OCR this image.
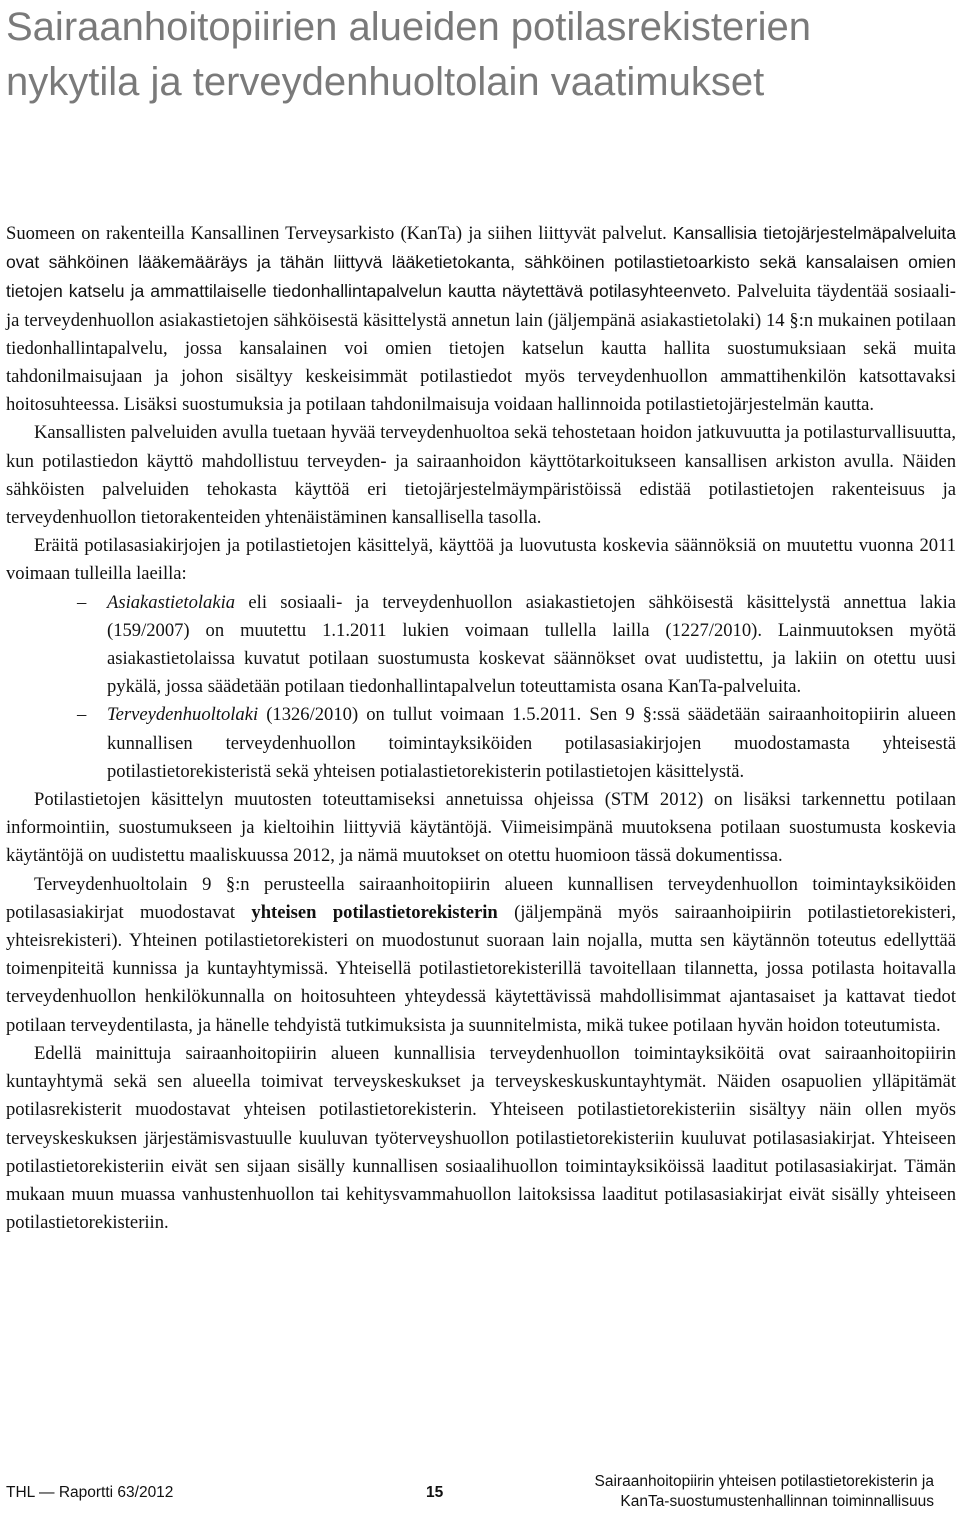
Sairaanhoitopiirien alueiden potilasrekisterien nykytila ja terveydenhuoltolain vaatimukset

Suomeen on rakenteilla Kansallinen Terveysarkisto (KanTa) ja siihen liittyvät palvelut. Kansallisia tietojärjestelmäpalveluita ovat sähköinen lääkemääräys ja tähän liittyvä lääketietokanta, sähköinen potilastietoarkisto sekä kansalaisen omien tietojen katselu ja ammattilaiselle tiedonhallintapalvelun kautta näytettävä potilasyhteenveto. Palveluita täydentää sosiaali- ja terveydenhuollon asiakastietojen sähköisestä käsittelystä annetun lain (jäljempänä asiakastietolaki) 14 §:n mukainen potilaan tiedonhallintapalvelu, jossa kansalainen voi omien tietojen katselun kautta hallita suostumuksiaan sekä muita tahdonilmaisujaan ja johon sisältyy keskeisimmät potilastiedot myös terveydenhuollon ammattihenkilön katsottavaksi hoitosuhteessa. Lisäksi suostumuksia ja potilaan tahdonilmaisuja voidaan hallinnoida potilastietojärjestelmän kautta.

Kansallisten palveluiden avulla tuetaan hyvää terveydenhuoltoa sekä tehostetaan hoidon jatkuvuutta ja potilasturvallisuutta, kun potilastiedon käyttö mahdollistuu terveyden- ja sairaanhoidon käyttötarkoitukseen kansallisen arkiston avulla. Näiden sähköisten palveluiden tehokasta käyttöä eri tietojärjestelmäympäristöissä edistää potilastietojen rakenteisuus ja terveydenhuollon tietorakenteiden yhtenäistäminen kansallisella tasolla.

Eräitä potilasasiakirjojen ja potilastietojen käsittelyä, käyttöä ja luovutusta koskevia säännöksiä on muutettu vuonna 2011 voimaan tulleilla laeilla:

– Asiakastietolakia eli sosiaali- ja terveydenhuollon asiakastietojen sähköisestä käsittelystä annettua lakia (159/2007) on muutettu 1.1.2011 lukien voimaan tullella lailla (1227/2010). Lainmuutoksen myötä asiakastietolaissa kuvatut potilaan suostumusta koskevat säännökset ovat uudistettu, ja lakiin on otettu uusi pykälä, jossa säädetään potilaan tiedonhallintapalvelun toteuttamista osana KanTa-palveluita.
– Terveydenhuoltolaki (1326/2010) on tullut voimaan 1.5.2011. Sen 9 §:ssä säädetään sairaanhoitopiirin alueen kunnallisen terveydenhuollon toimintayksiköiden potilasasiakirjojen muodostamasta yhteisestä potilastietorekisteristä sekä yhteisen potialastietorekisterin potilastietojen käsittelystä.

Potilastietojen käsittelyn muutosten toteuttamiseksi annetuissa ohjeissa (STM 2012) on lisäksi tarkennettu potilaan informointiin, suostumukseen ja kieltoihin liittyviä käytäntöjä. Viimeisimpänä muutoksena potilaan suostumusta koskevia käytäntöjä on uudistettu maaliskuussa 2012, ja nämä muutokset on otettu huomioon tässä dokumentissa.

Terveydenhuoltolain 9 §:n perusteella sairaanhoitopiirin alueen kunnallisen terveydenhuollon toimintayksiköiden potilasasiakirjat muodostavat yhteisen potilastietorekisterin (jäljempänä myös sairaanhoipiirin potilastietorekisteri, yhteisrekisteri). Yhteinen potilastietorekisteri on muodostunut suoraan lain nojalla, mutta sen käytännön toteutus edellyttää toimenpiteitä kunnissa ja kuntayhtymissä. Yhteisellä potilastietorekisterillä tavoitellaan tilannetta, jossa potilasta hoitavalla terveydenhuollon henkilökunnalla on hoitosuhteen yhteydessä käytettävissä mahdollisimmat ajantasaiset ja kattavat tiedot potilaan terveydentilasta, ja hänelle tehdyistä tutkimuksista ja suunnitelmista, mikä tukee potilaan hyvän hoidon toteutumista.

Edellä mainittuja sairaanhoitopiirin alueen kunnallisia terveydenhuollon toimintayksiköitä ovat sairaanhoitopiirin kuntayhtymä sekä sen alueella toimivat terveyskeskukset ja terveyskeskuskuntayhtymät. Näiden osapuolien ylläpitämät potilasrekisterit muodostavat yhteisen potilastietorekisterin. Yhteiseen potilastietorekisteriin sisältyy näin ollen myös terveyskeskuksen järjestämisvastuulle kuuluvan työterveyshuollon potilastietorekisteriin kuuluvat potilasasiakirjat. Yhteiseen potilastietorekisteriin eivät sen sijaan sisälly kunnallisen sosiaalihuollon toimintayksiköissä laaditut potilasasiakirjat. Tämän mukaan muun muassa vanhustenhuollon tai kehitysvammahuollon laitoksissa laaditut potilasasiakirjat eivät sisälly yhteiseen potilastietorekisteriin.

THL — Raportti 63/2012	15
Sairaanhoitopiirin yhteisen potilastietorekisterin ja
KanTa-suostumustenhallinnan toiminnallisuus
